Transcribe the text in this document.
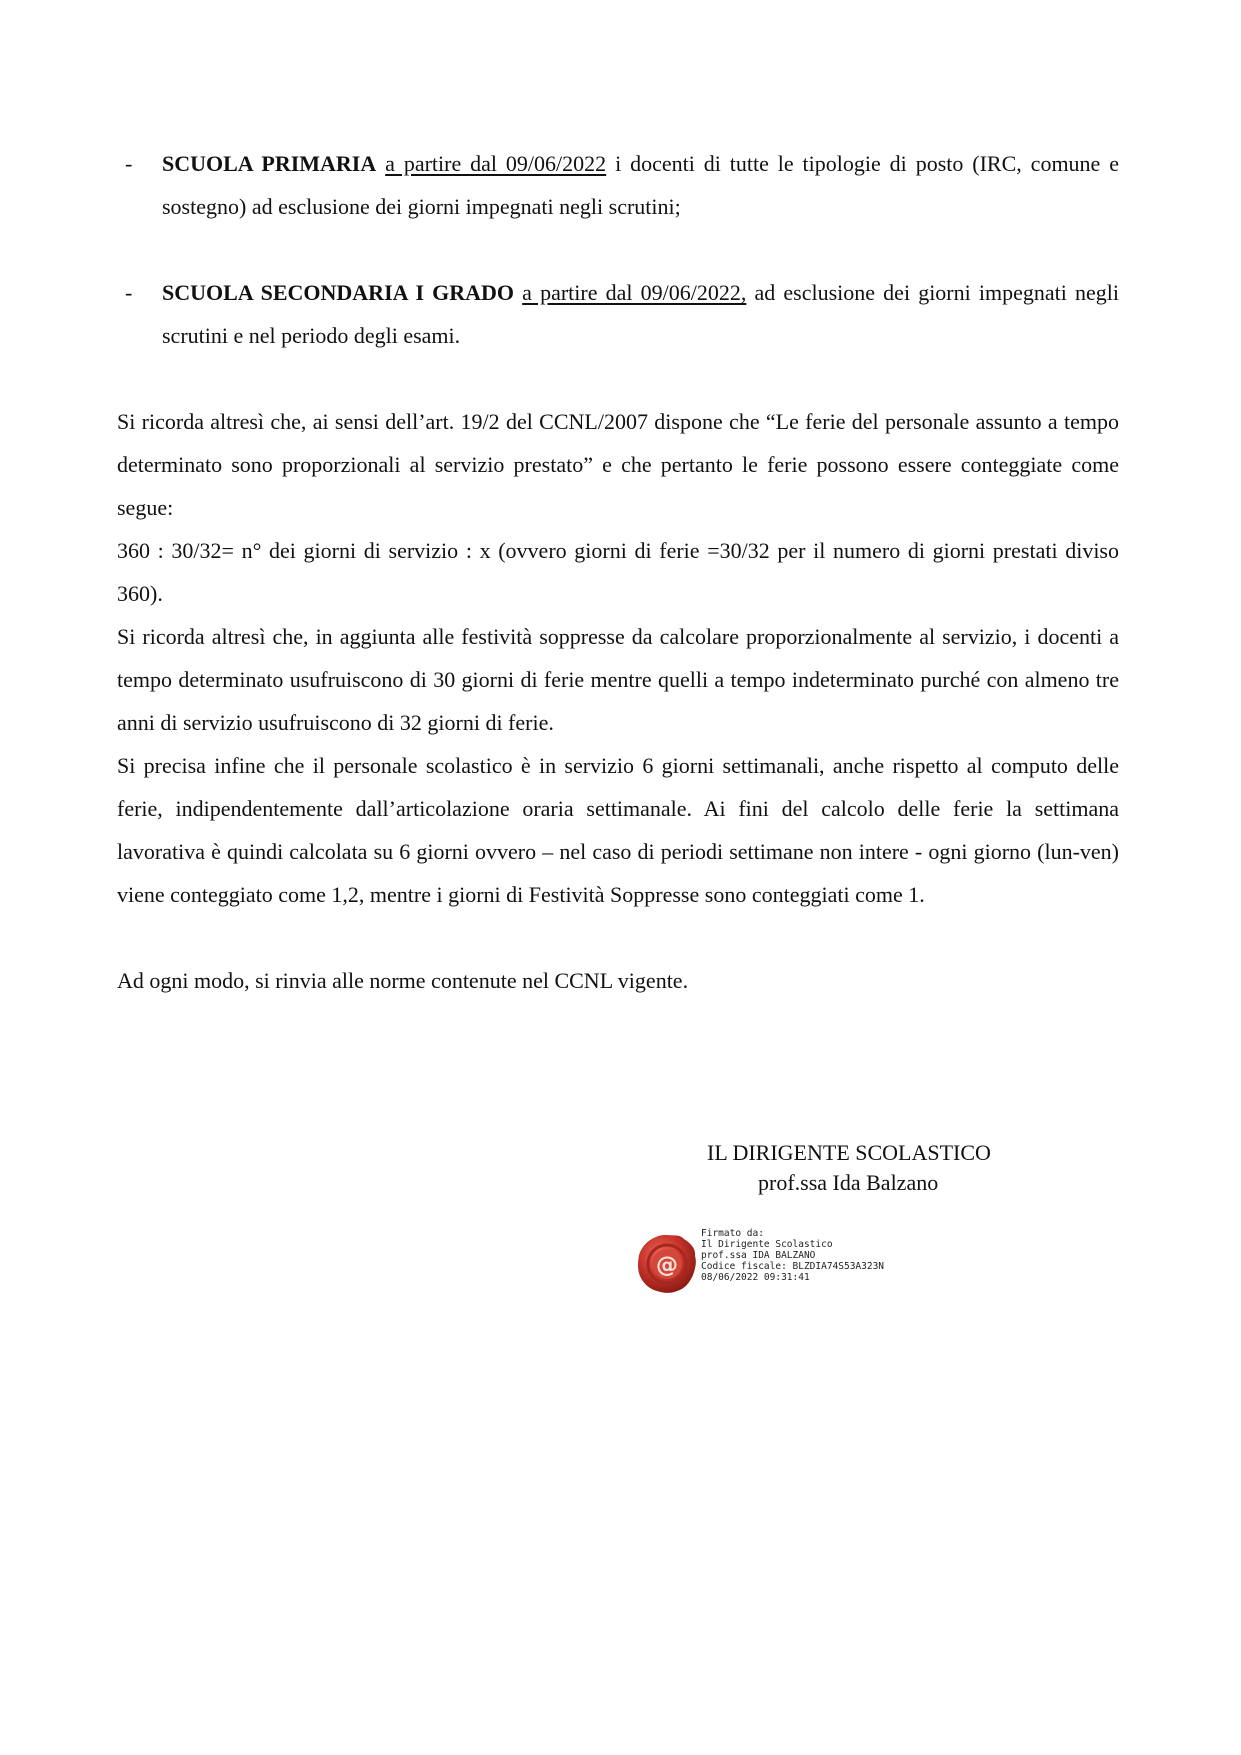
-	SCUOLA PRIMARIA a partire dal 09/06/2022 i docenti di tutte le tipologie di posto (IRC, comune e sostegno) ad esclusione dei giorni impegnati negli scrutini;
-	SCUOLA SECONDARIA I GRADO a partire dal 09/06/2022, ad esclusione dei giorni impegnati negli scrutini e nel periodo degli esami.

Si ricorda altresì che, ai sensi dell’art. 19/2 del CCNL/2007 dispone che “Le ferie del personale assunto a tempo determinato sono proporzionali al servizio prestato” e che pertanto le ferie possono essere conteggiate come segue:

360 : 30/32= n° dei giorni di servizio : x (ovvero giorni di ferie =30/32 per il numero di giorni prestati diviso 360).

Si ricorda altresì che, in aggiunta alle festività soppresse da calcolare proporzionalmente al servizio, i docenti a tempo determinato usufruiscono di 30 giorni di ferie mentre quelli a tempo indeterminato purché con almeno tre anni di servizio usufruiscono di 32 giorni di ferie.

Si precisa infine che il personale scolastico è in servizio 6 giorni settimanali, anche rispetto al computo delle ferie, indipendentemente dall’articolazione oraria settimanale. Ai fini del calcolo delle ferie la settimana lavorativa è quindi calcolata su 6 giorni ovvero – nel caso di periodi settimane non intere - ogni giorno (lun-ven) viene conteggiato come 1,2, mentre i giorni di Festività Soppresse sono conteggiati come 1.

Ad ogni modo, si rinvia alle norme contenute nel CCNL vigente.

IL DIRIGENTE SCOLASTICO
prof.ssa Ida Balzano
@
Firmato da:
Il Dirigente Scolastico
prof.ssa IDA BALZANO
Codice fiscale: BLZDIA74S53A323N
08/06/2022 09:31:41
